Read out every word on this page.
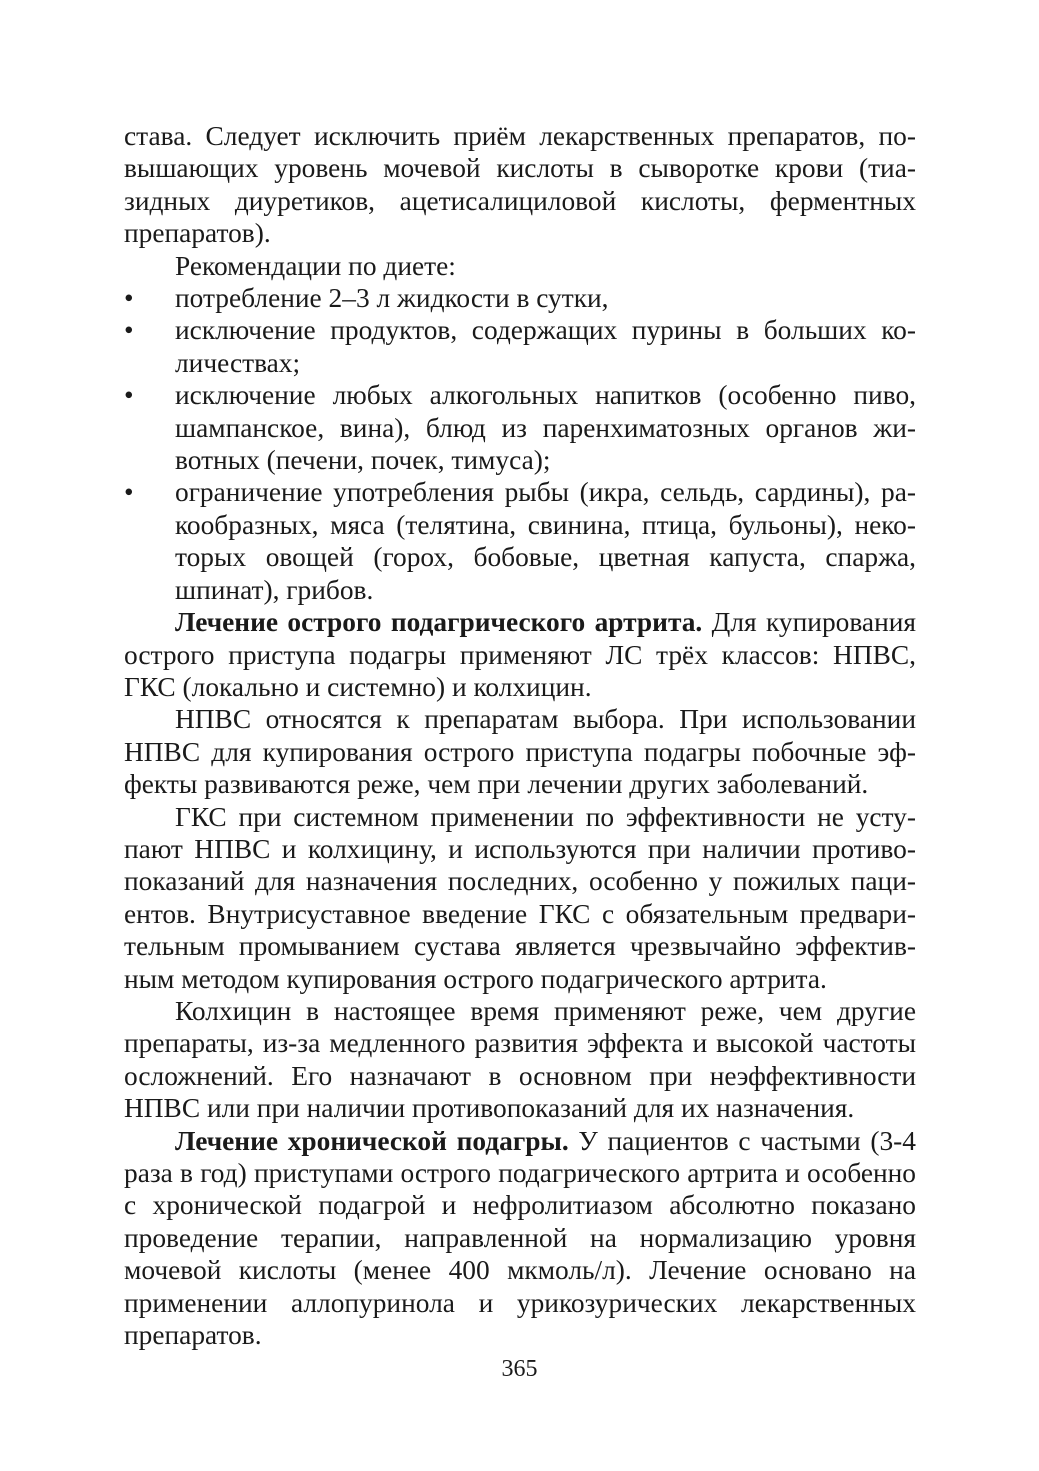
става. Следует исключить приём лекарственных препаратов, повышающих уровень мочевой кислоты в сыворотке крови (тиазидных диуретиков, ацетисалициловой кислоты, ферментных препаратов).

Рекомендации по диете:

• потребление 2–3 л жидкости в сутки,
• исключение продуктов, содержащих пурины в больших количествах;
• исключение любых алкогольных напитков (особенно пиво, шампанское, вина), блюд из паренхиматозных органов животных (печени, почек, тимуса);
• ограничение употребления рыбы (икра, сельдь, сардины), ракообразных, мяса (телятина, свинина, птица, бульоны), некоторых овощей (горох, бобовые, цветная капуста, спаржа, шпинат), грибов.

Лечение острого подагрического артрита. Для купирования острого приступа подагры применяют ЛС трёх классов: НПВС, ГКС (локально и системно) и колхицин.

НПВС относятся к препаратам выбора. При использовании НПВС для купирования острого приступа подагры побочные эффекты развиваются реже, чем при лечении других заболеваний.

ГКС при системном применении по эффективности не уступают НПВС и колхицину, и используются при наличии противопоказаний для назначения последних, особенно у пожилых пациентов. Внутрисуставное введение ГКС с обязательным предварительным промыванием сустава является чрезвычайно эффективным методом купирования острого подагрического артрита.

Колхицин в настоящее время применяют реже, чем другие препараты, из-за медленного развития эффекта и высокой частоты осложнений. Его назначают в основном при неэффективности НПВС или при наличии противопоказаний для их назначения.

Лечение хронической подагры. У пациентов с частыми (3-4 раза в год) приступами острого подагрического артрита и особенно с хронической подагрой и нефролитиазом абсолютно показано проведение терапии, направленной на нормализацию уровня мочевой кислоты (менее 400 мкмоль/л). Лечение основано на применении аллопуринола и урикозурических лекарственных препаратов.

365
